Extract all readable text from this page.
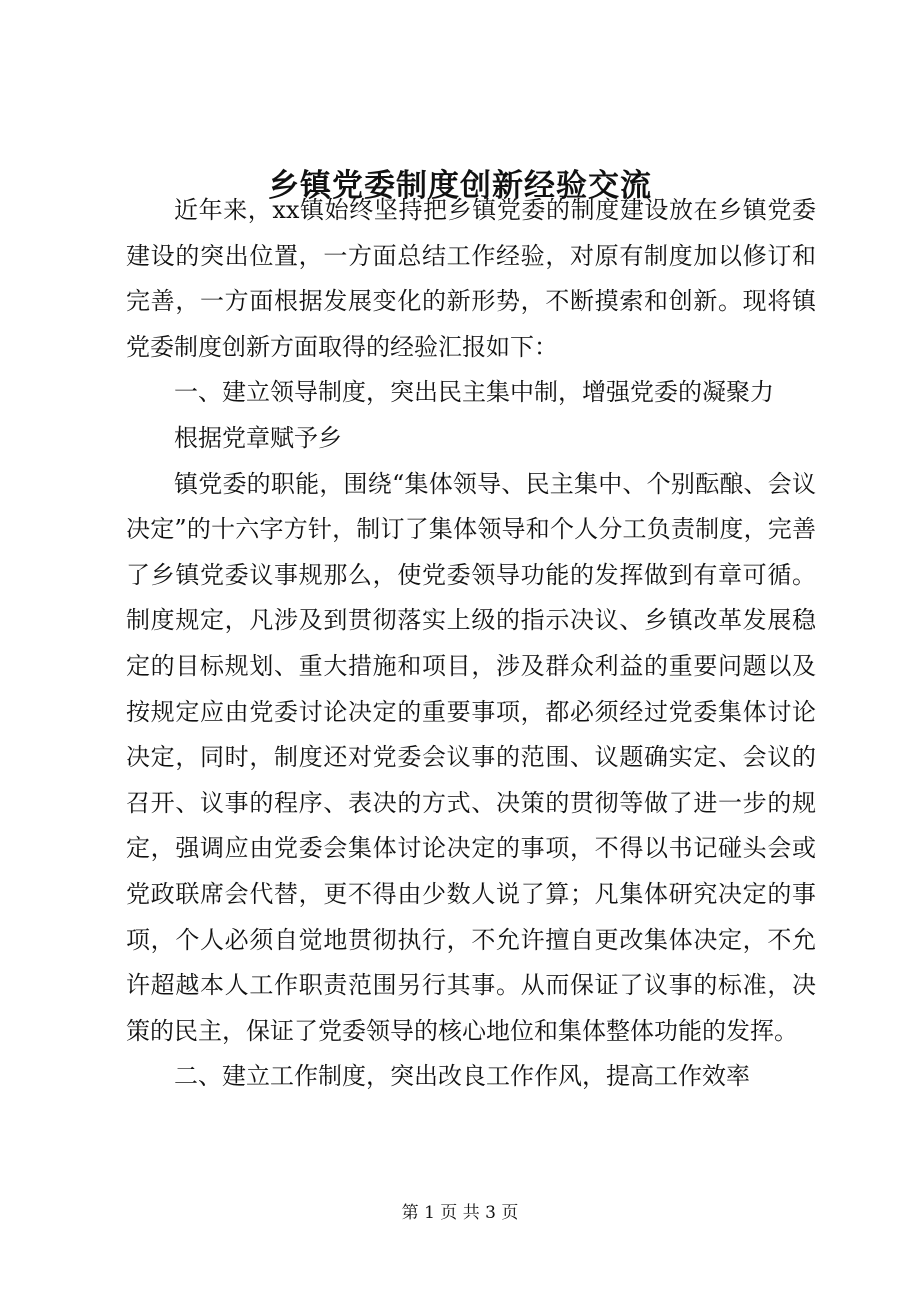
乡镇党委制度创新经验交流

近年来，xx镇始终坚持把乡镇党委的制度建设放在乡镇党委建设的突出位置，一方面总结工作经验，对原有制度加以修订和完善，一方面根据发展变化的新形势，不断摸索和创新。现将镇党委制度创新方面取得的经验汇报如下：

一、建立领导制度，突出民主集中制，增强党委的凝聚力

根据党章赋予乡

镇党委的职能，围绕“集体领导、民主集中、个别酝酿、会议决定”的十六字方针，制订了集体领导和个人分工负责制度，完善了乡镇党委议事规那么，使党委领导功能的发挥做到有章可循。制度规定，凡涉及到贯彻落实上级的指示决议、乡镇改革发展稳定的目标规划、重大措施和项目，涉及群众利益的重要问题以及按规定应由党委讨论决定的重要事项，都必须经过党委集体讨论决定，同时，制度还对党委会议事的范围、议题确实定、会议的召开、议事的程序、表决的方式、决策的贯彻等做了进一步的规定，强调应由党委会集体讨论决定的事项，不得以书记碰头会或党政联席会代替，更不得由少数人说了算；凡集体研究决定的事项，个人必须自觉地贯彻执行，不允许擅自更改集体决定，不允许超越本人工作职责范围另行其事。从而保证了议事的标准，决策的民主，保证了党委领导的核心地位和集体整体功能的发挥。

二、建立工作制度，突出改良工作作风，提高工作效率

第 1 页 共 3 页
